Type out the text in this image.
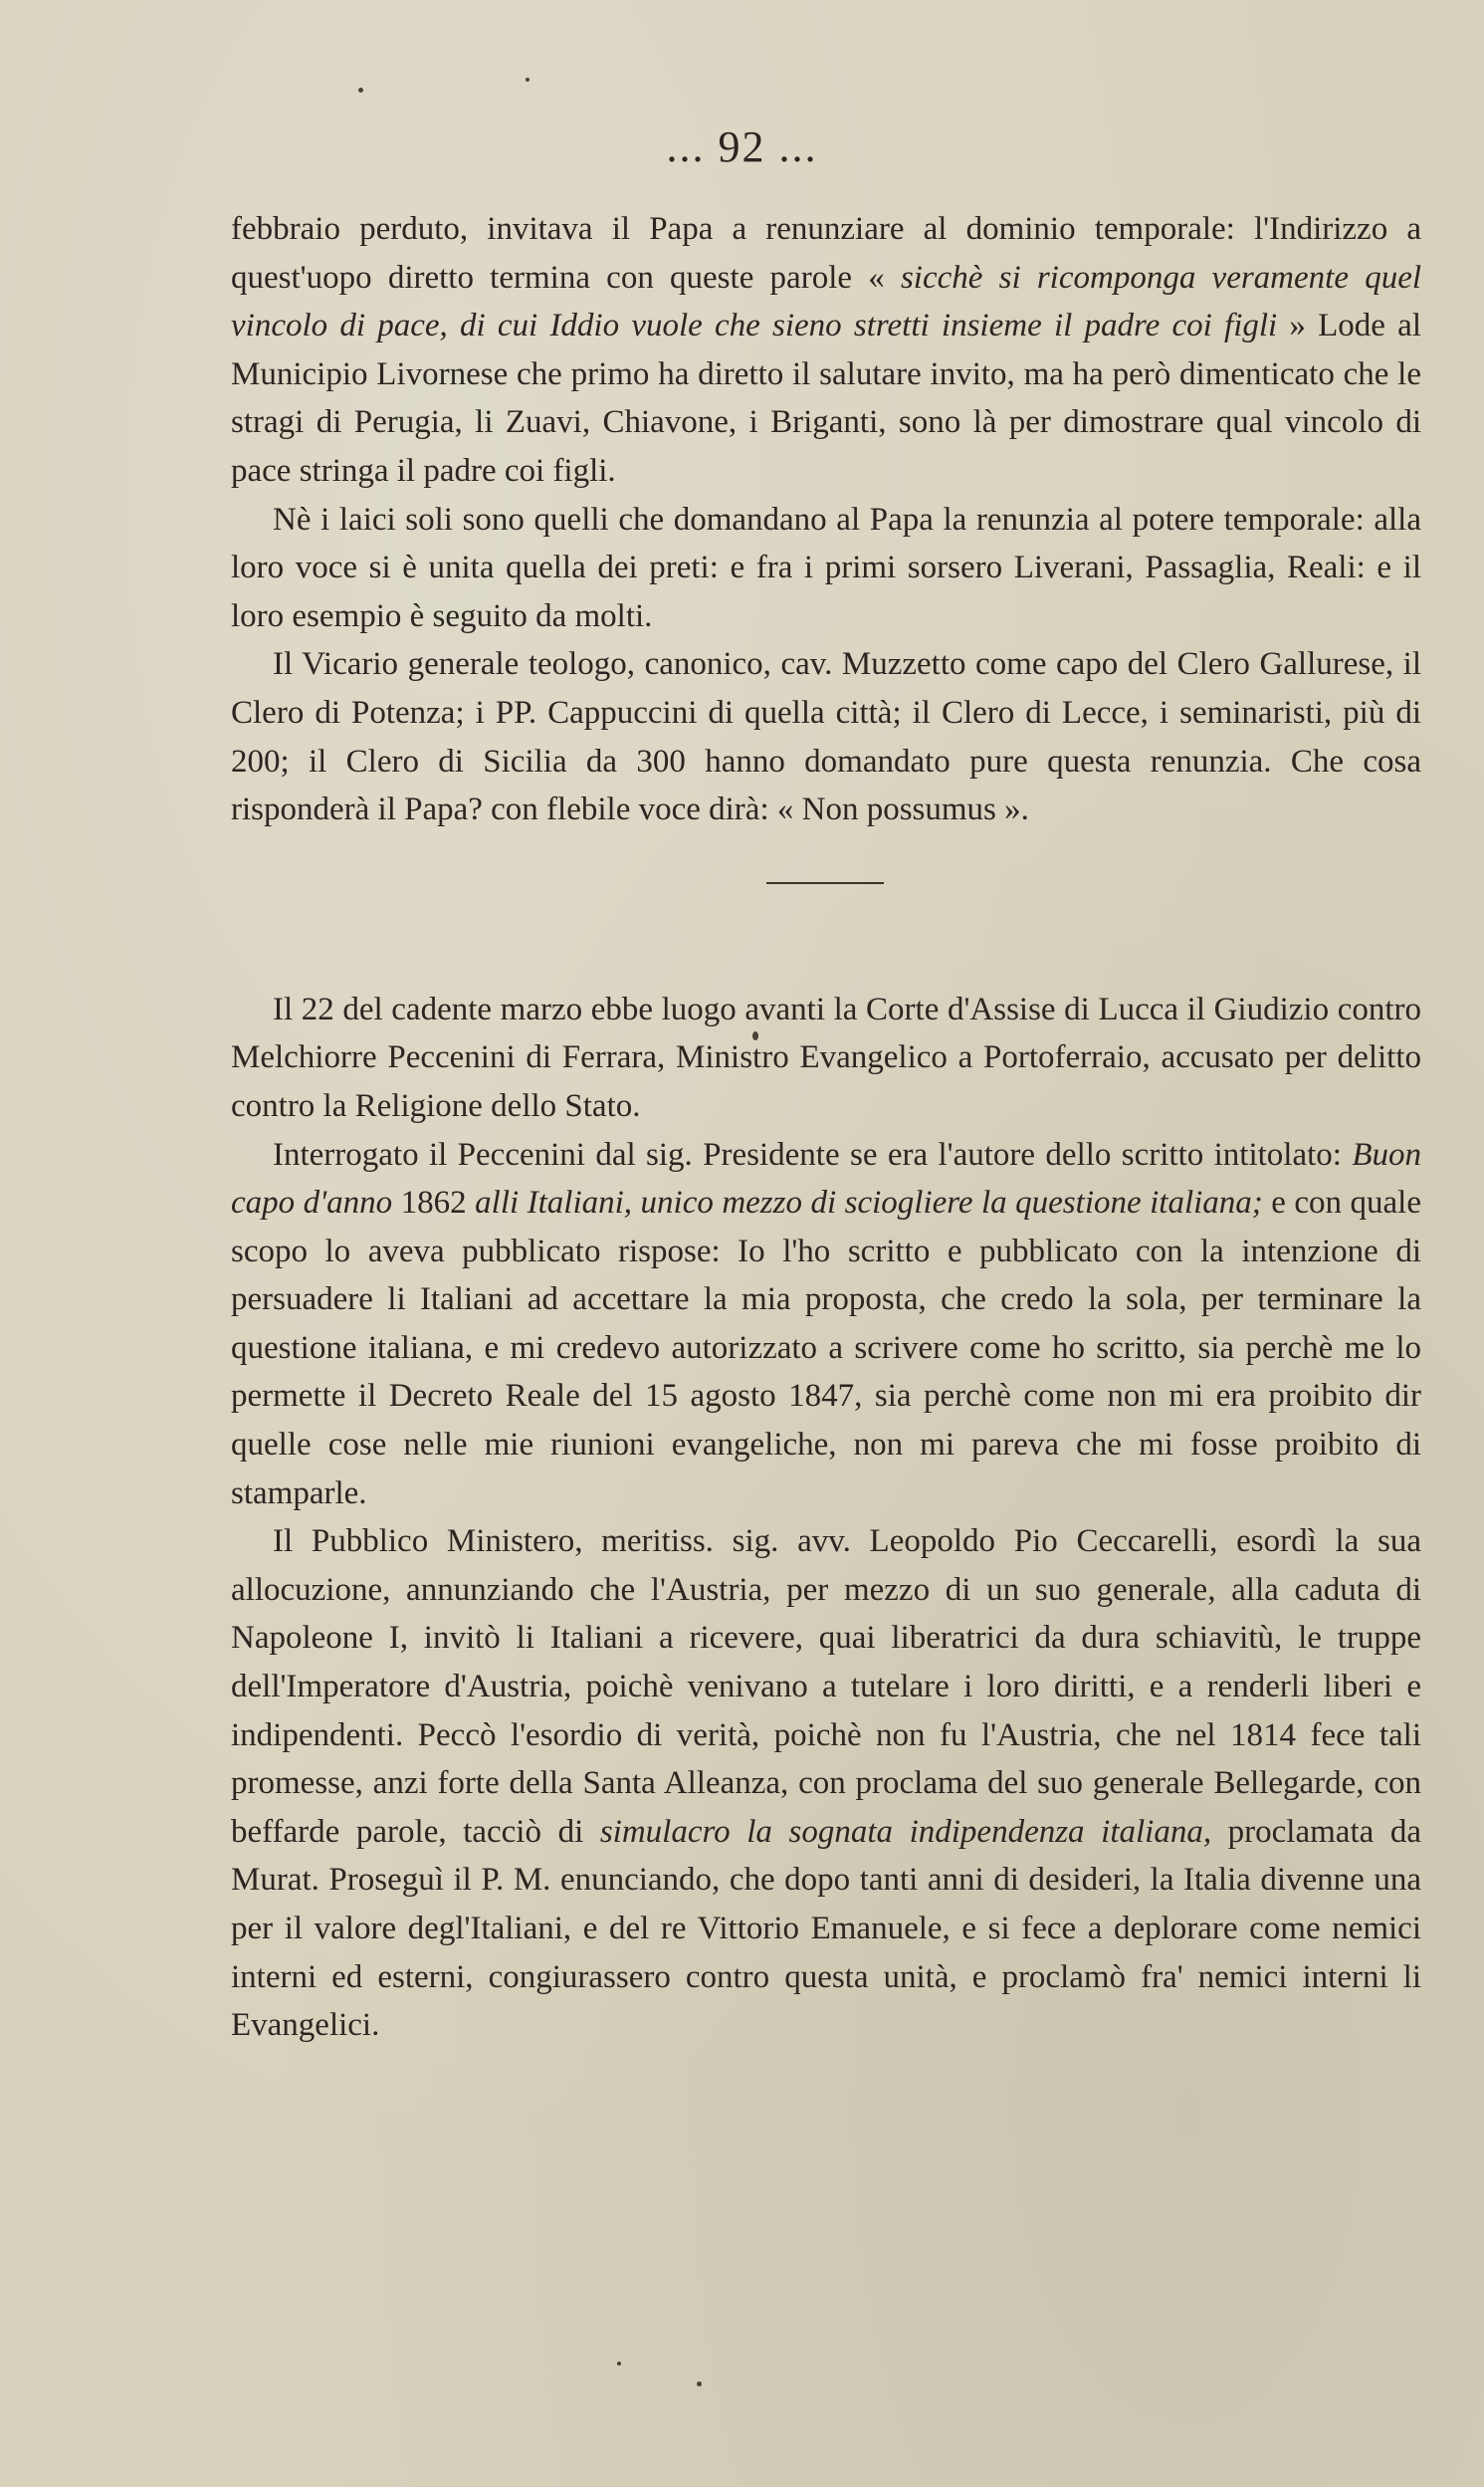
... 92 ...

febbraio perduto, invitava il Papa a renunziare al dominio temporale: l'Indirizzo a quest'uopo diretto termina con queste parole « sicchè si ricomponga veramente quel vincolo di pace, di cui Iddio vuole che sieno stretti insieme il padre coi figli » Lode al Municipio Livornese che primo ha diretto il salutare invito, ma ha però dimenticato che le stragi di Perugia, li Zuavi, Chiavone, i Briganti, sono là per dimostrare qual vincolo di pace stringa il padre coi figli.

Nè i laici soli sono quelli che domandano al Papa la renunzia al potere temporale: alla loro voce si è unita quella dei preti: e fra i primi sorsero Liverani, Passaglia, Reali: e il loro esempio è seguito da molti.

Il Vicario generale teologo, canonico, cav. Muzzetto come capo del Clero Gallurese, il Clero di Potenza; i PP. Cappuccini di quella città; il Clero di Lecce, i seminaristi, più di 200; il Clero di Sicilia da 300 hanno domandato pure questa renunzia. Che cosa risponderà il Papa? con flebile voce dirà: « Non possumus ».

Il 22 del cadente marzo ebbe luogo avanti la Corte d'Assise di Lucca il Giudizio contro Melchiorre Peccenini di Ferrara, Ministro Evangelico a Portoferraio, accusato per delitto contro la Religione dello Stato.

Interrogato il Peccenini dal sig. Presidente se era l'autore dello scritto intitolato: Buon capo d'anno 1862 alli Italiani, unico mezzo di sciogliere la questione italiana; e con quale scopo lo aveva pubblicato rispose: Io l'ho scritto e pubblicato con la intenzione di persuadere li Italiani ad accettare la mia proposta, che credo la sola, per terminare la questione italiana, e mi credevo autorizzato a scrivere come ho scritto, sia perchè me lo permette il Decreto Reale del 15 agosto 1847, sia perchè come non mi era proibito dir quelle cose nelle mie riunioni evangeliche, non mi pareva che mi fosse proibito di stamparle.

Il Pubblico Ministero, meritiss. sig. avv. Leopoldo Pio Ceccarelli, esordì la sua allocuzione, annunziando che l'Austria, per mezzo di un suo generale, alla caduta di Napoleone I, invitò li Italiani a ricevere, quai liberatrici da dura schiavitù, le truppe dell'Imperatore d'Austria, poichè venivano a tutelare i loro diritti, e a renderli liberi e indipendenti. Peccò l'esordio di verità, poichè non fu l'Austria, che nel 1814 fece tali promesse, anzi forte della Santa Alleanza, con proclama del suo generale Bellegarde, con beffarde parole, tacciò di simulacro la sognata indipendenza italiana, proclamata da Murat. Proseguì il P. M. enunciando, che dopo tanti anni di desideri, la Italia divenne una per il valore degl'Italiani, e del re Vittorio Emanuele, e si fece a deplorare come nemici interni ed esterni, congiurassero contro questa unità, e proclamò fra' nemici interni li Evangelici.
